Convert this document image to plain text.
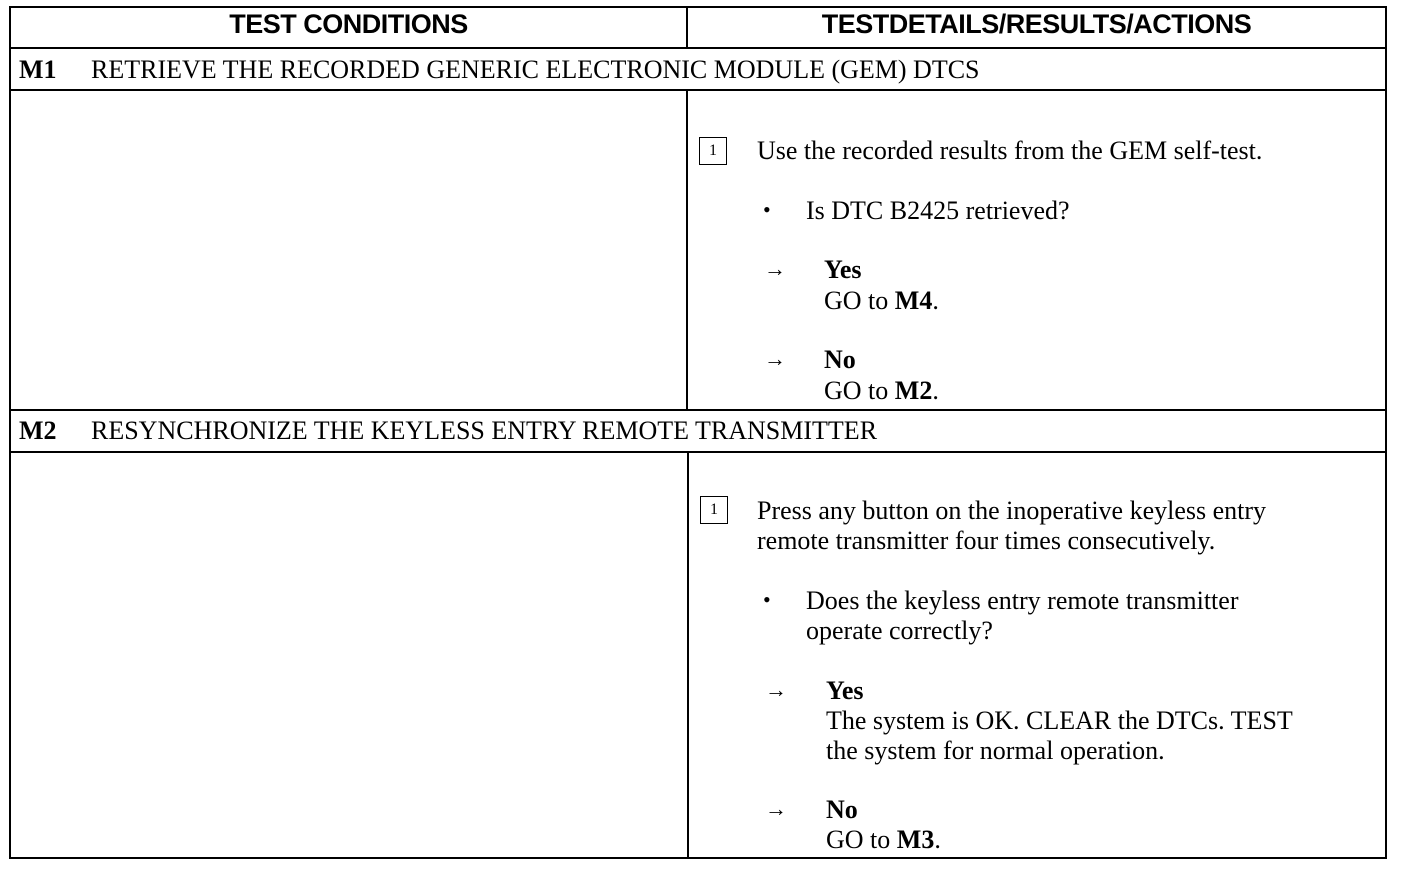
TEST CONDITIONS	TESTDETAILS/RESULTS/ACTIONS
M1 RETRIEVE THE RECORDED GENERIC ELECTRONIC MODULE (GEM) DTCS
1	Use the recorded results from the GEM self-test.
• Is DTC B2425 retrieved?
→ Yes
GO to M4.
→ No
GO to M2.
M2 RESYNCHRONIZE THE KEYLESS ENTRY REMOTE TRANSMITTER
1	Press any button on the inoperative keyless entry
remote transmitter four times consecutively.
• Does the keyless entry remote transmitter
operate correctly?
→ Yes
The system is OK. CLEAR the DTCs. TEST
the system for normal operation.
→ No
GO to M3.
